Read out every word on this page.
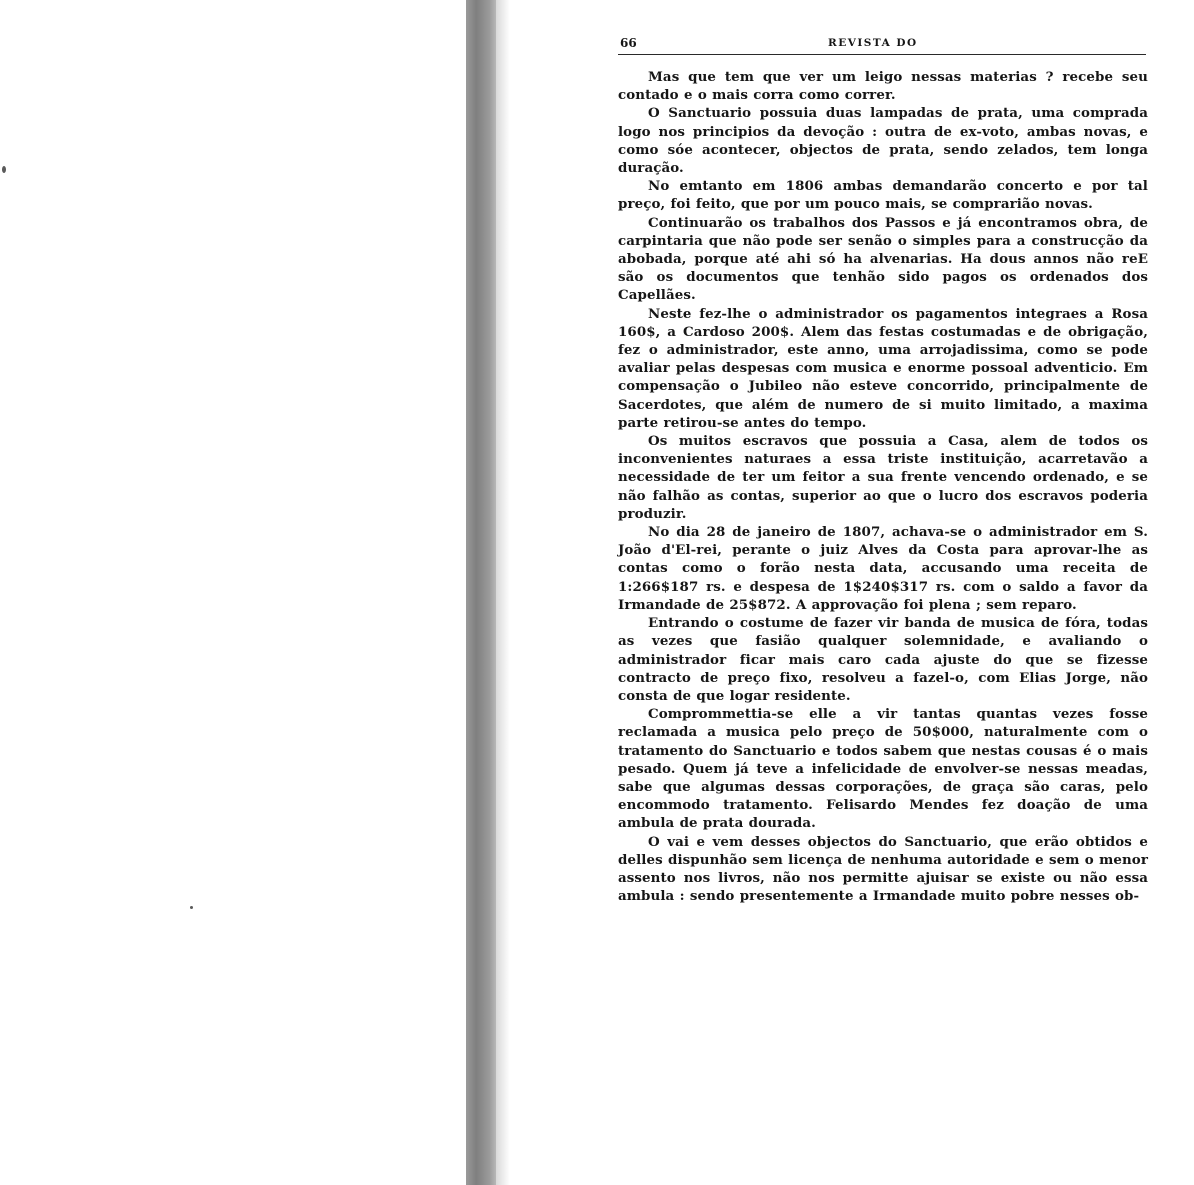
66	REVISTA DO

Mas que tem que ver um leigo nessas materias ? recebe seu contado e o mais corra como correr.

O Sanctuario possuia duas lampadas de prata, uma comprada logo nos principios da devoção : outra de ex-voto, ambas novas, e como sóe acontecer, objectos de prata, sendo zelados, tem longa duração.

No emtanto em 1806 ambas demandarão concerto e por tal preço, foi feito, que por um pouco mais, se comprarião novas.

Continuarão os trabalhos dos Passos e já encontramos obra, de carpintaria que não pode ser senão o simples para a construcção da abobada, porque até ahi só ha alvenarias. Ha dous annos não reE são os documentos que tenhão sido pagos os ordenados dos Capellães.

Neste fez-lhe o administrador os pagamentos integraes a Rosa 160$, a Cardoso 200$. Alem das festas costumadas e de obrigação, fez o administrador, este anno, uma arrojadissima, como se pode avaliar pelas despesas com musica e enorme possoal adventicio. Em compensação o Jubileo não esteve concorrido, principalmente de Sacerdotes, que além de numero de si muito limitado, a maxima parte retirou-se antes do tempo.

Os muitos escravos que possuia a Casa, alem de todos os inconvenientes naturaes a essa triste instituição, acarretavão a necessidade de ter um feitor a sua frente vencendo ordenado, e se não falhão as contas, superior ao que o lucro dos escravos poderia produzir.

No dia 28 de janeiro de 1807, achava-se o administrador em S. João d'El-rei, perante o juiz Alves da Costa para aprovar-lhe as contas como o forão nesta data, accusando uma receita de 1:266$187 rs. e despesa de 1$240$317 rs. com o saldo a favor da Irmandade de 25$872. A approvação foi plena ; sem reparo.

Entrando o costume de fazer vir banda de musica de fóra, todas as vezes que fasião qualquer solemnidade, e avaliando o administrador ficar mais caro cada ajuste do que se fizesse contracto de preço fixo, resolveu a fazel-o, com Elias Jorge, não consta de que logar residente.

Comprommettia-se elle a vir tantas quantas vezes fosse reclamada a musica pelo preço de 50$000, naturalmente com o tratamento do Sanctuario e todos sabem que nestas cousas é o mais pesado. Quem já teve a infelicidade de envolver-se nessas meadas, sabe que algumas dessas corporações, de graça são caras, pelo encommodo tratamento. Felisardo Mendes fez doação de uma ambula de prata dourada.

O vai e vem desses objectos do Sanctuario, que erão obtidos e delles dispunhão sem licença de nenhuma autoridade e sem o menor assento nos livros, não nos permitte ajuisar se existe ou não essa ambula : sendo presentemente a Irmandade muito pobre nesses ob-
